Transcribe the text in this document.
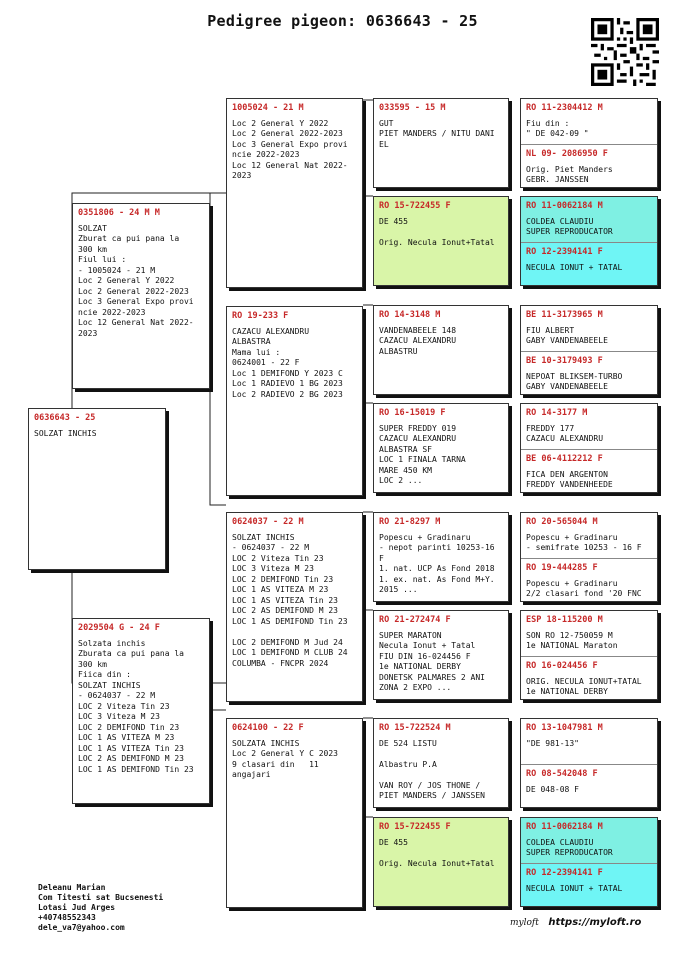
Pedigree pigeon: 0636643 - 25
0636643 - 25
SOLZAT INCHIS
0351806 - 24 M M
SOLZAT
Zburat ca pui pana la
300 km
Fiul lui :
- 1005024 - 21 M
Loc 2 General Y 2022
Loc 2 General 2022-2023
Loc 3 General Expo provi
ncie 2022-2023
Loc 12 General Nat 2022-
2023
2029504 G - 24 F
Solzata inchis
Zburata ca pui pana la
300 km
Fiica din :
SOLZAT INCHIS
- 0624037 - 22 M
LOC 2 Viteza Tin 23
LOC 3 Viteza M 23
LOC 2 DEMIFOND Tin 23
LOC 1 AS VITEZA M 23
LOC 1 AS VITEZA Tin 23
LOC 2 AS DEMIFOND M 23
LOC 1 AS DEMIFOND Tin 23
1005024 - 21 M
Loc 2 General Y 2022
Loc 2 General 2022-2023
Loc 3 General Expo provi
ncie 2022-2023
Loc 12 General Nat 2022-
2023
RO 19-233 F
CAZACU ALEXANDRU
ALBASTRA
Mama lui :
0624001 - 22 F
Loc 1 DEMIFOND Y 2023 C
Loc 1 RADIEVO 1 BG 2023
Loc 2 RADIEVO 2 BG 2023
0624037 - 22 M
SOLZAT INCHIS
- 0624037 - 22 M
LOC 2 Viteza Tin 23
LOC 3 Viteza M 23
LOC 2 DEMIFOND Tin 23
LOC 1 AS VITEZA M 23
LOC 1 AS VITEZA Tin 23
LOC 2 AS DEMIFOND M 23
LOC 1 AS DEMIFOND Tin 23

LOC 2 DEMIFOND M Jud 24
LOC 1 DEMIFOND M CLUB 24
COLUMBA - FNCPR 2024
0624100 - 22 F
SOLZATA INCHIS
Loc 2 General Y C 2023
9 clasari din   11
angajari
033595 - 15 M
GUT
PIET MANDERS / NITU DANI
EL
RO 15-722455 F
DE 455

Orig. Necula Ionut+Tatal
RO 14-3148 M
VANDENABEELE 148
CAZACU ALEXANDRU
ALBASTRU
RO 16-15019 F
SUPER FREDDY 019
CAZACU ALEXANDRU
ALBASTRA SF
LOC 1 FINALA TARNA
MARE 450 KM
LOC 2 ...
RO 21-8297 M
Popescu + Gradinaru
- nepot parinti 10253-16
F
1. nat. UCP As Fond 2018
1. ex. nat. As Fond M+Y.
2015 ...
RO 21-272474 F
SUPER MARATON
Necula Ionut + Tatal
FIU DIN 16-024456 F
1e NATIONAL DERBY
DONETSK PALMARES 2 ANI
ZONA 2 EXPO ...
RO 15-722524 M
DE 524 LISTU

Albastru P.A

VAN ROY / JOS THONE /
PIET MANDERS / JANSSEN
RO 15-722455 F
DE 455

Orig. Necula Ionut+Tatal
RO 11-2304412 M
Fiu din :
" DE 042-09 "
NL 09- 2086950 F
Orig. Piet Manders
GEBR. JANSSEN
RO 11-0062184 M
COLDEA CLAUDIU
SUPER REPRODUCATOR
RO 12-2394141 F
NECULA IONUT + TATAL
BE 11-3173965 M
FIU ALBERT
GABY VANDENABEELE
BE 10-3179493 F
NEPOAT BLIKSEM-TURBO
GABY VANDENABEELE
RO 14-3177 M
FREDDY 177
CAZACU ALEXANDRU
BE 06-4112212 F
FICA DEN ARGENTON
FREDDY VANDENHEEDE
RO 20-565044 M
Popescu + Gradinaru
- semifrate 10253 - 16 F
RO 19-444285 F
Popescu + Gradinaru
2/2 clasari fond '20 FNC
ESP 18-115200 M
SON RO 12-750059 M
1e NATIONAL Maraton
RO 16-024456 F
ORIG. NECULA IONUT+TATAL
1e NATIONAL DERBY
RO 13-1047981 M
"DE 981-13"
RO 08-542048 F
DE 048-08 F
RO 11-0062184 M
COLDEA CLAUDIU
SUPER REPRODUCATOR
RO 12-2394141 F
NECULA IONUT + TATAL
Deleanu Marian
Com Titesti sat Bucsenesti
Lotasi Jud Arges
+40748552343
dele_va7@yahoo.com	myloft https://myloft.ro
